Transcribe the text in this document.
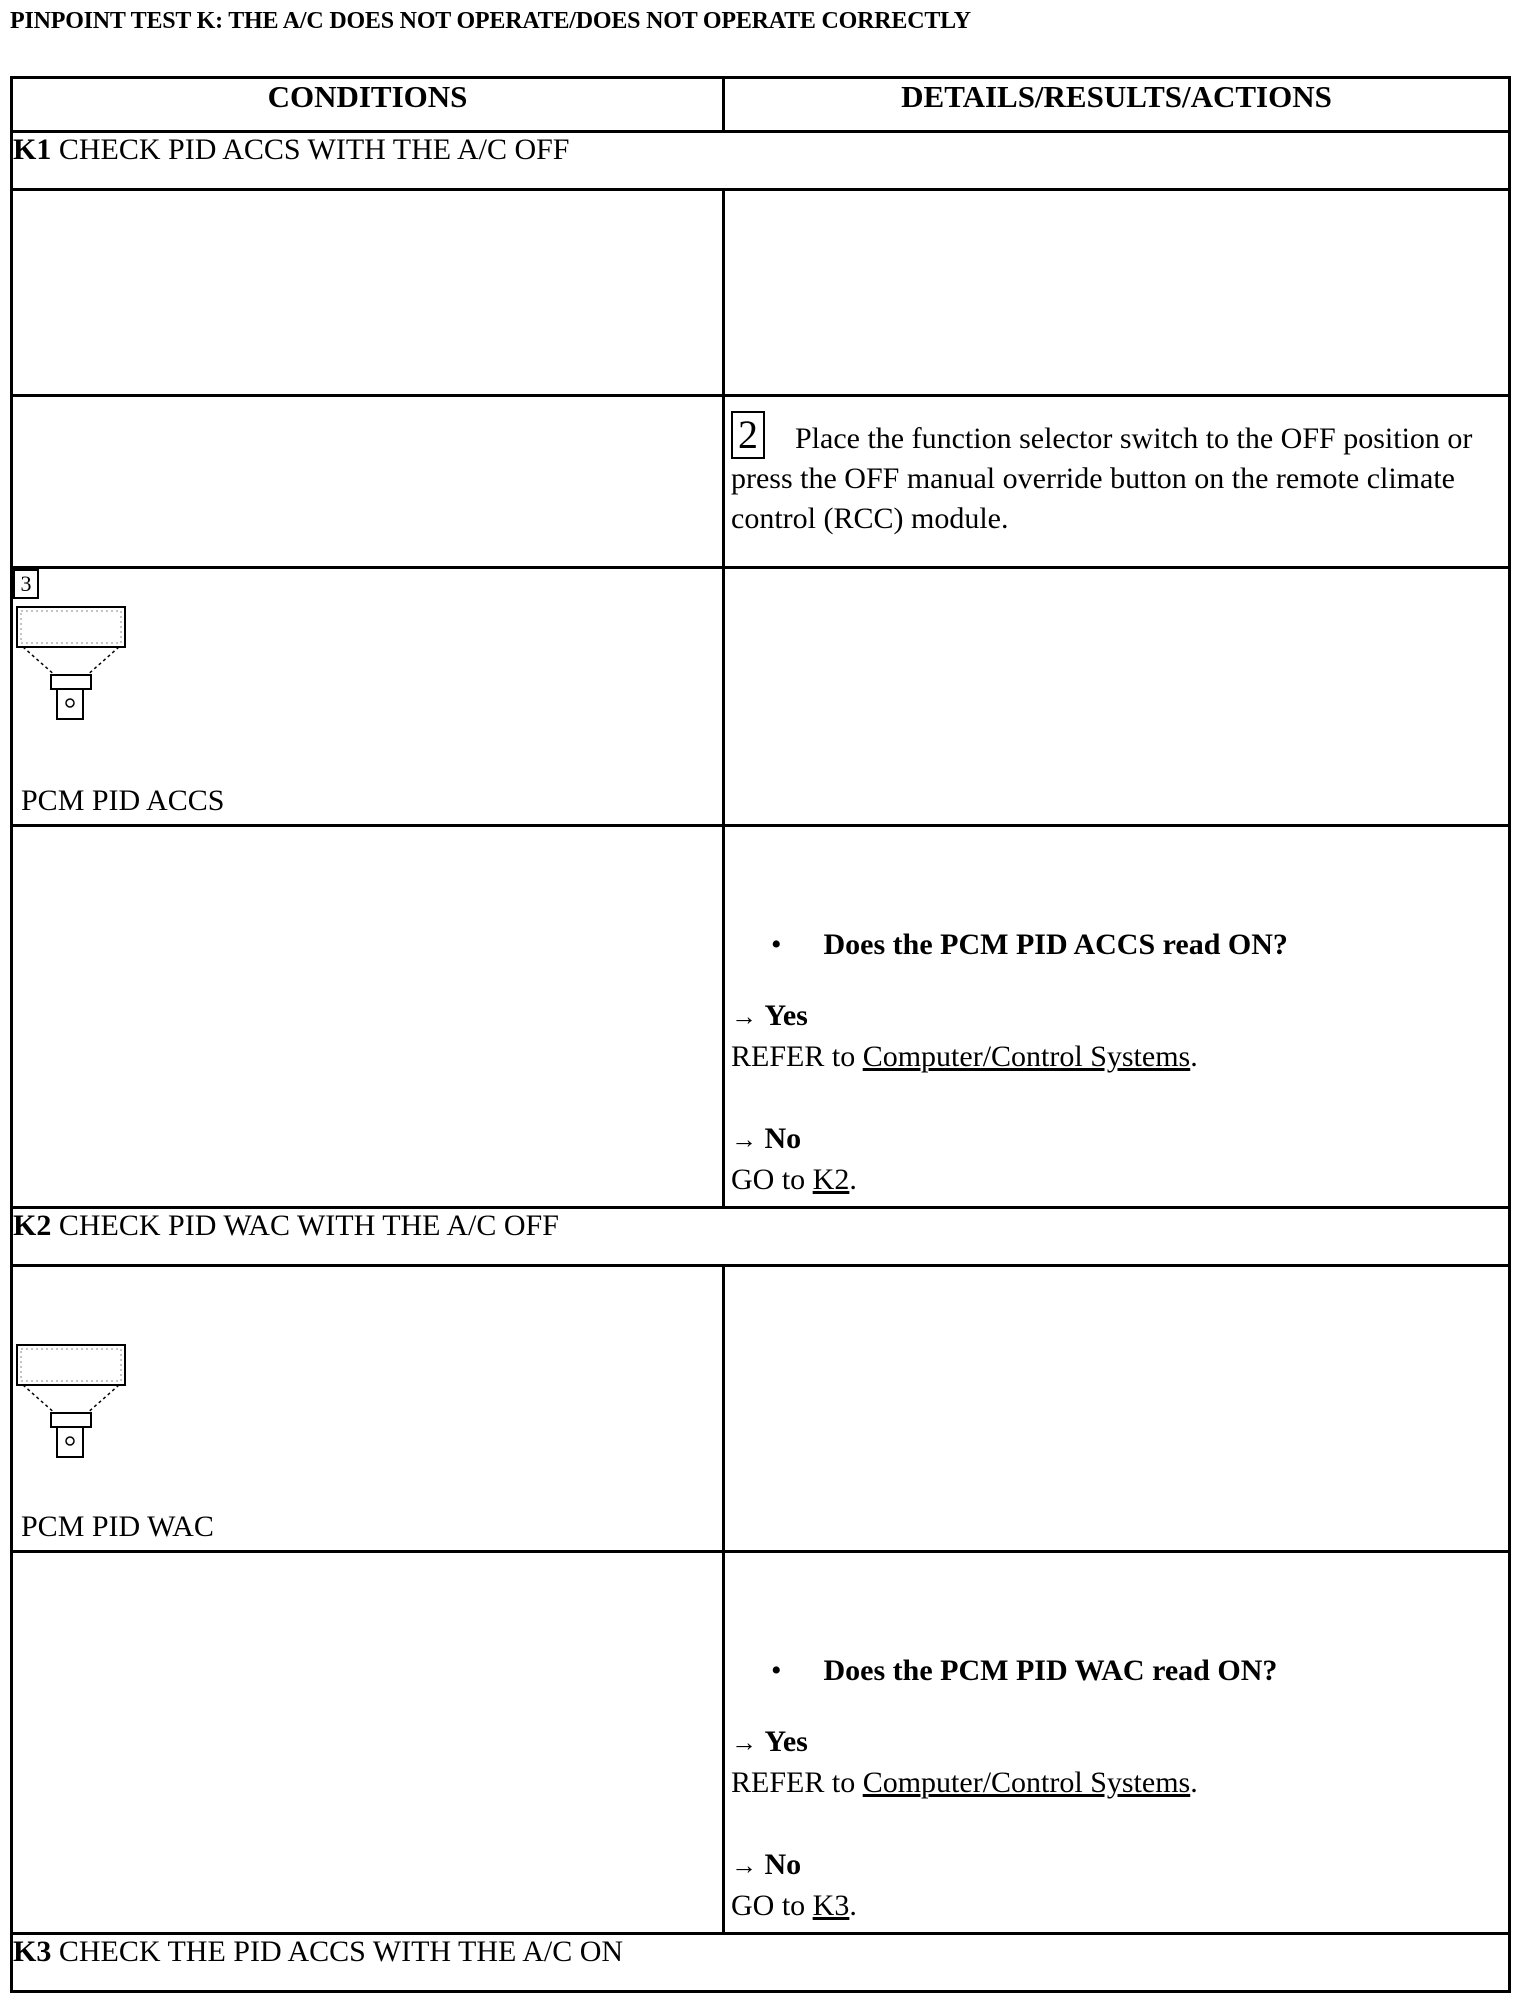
PINPOINT TEST K: THE A/C DOES NOT OPERATE/DOES NOT OPERATE CORRECTLY
CONDITIONS	DETAILS/RESULTS/ACTIONS
K1 CHECK PID ACCS WITH THE A/C OFF	

	2 Place the function selector switch to the OFF position or press the OFF manual override button on the remote climate control (RCC) module.

3
PCM PID ACCS	

	• Does the PCM PID ACCS read ON?
→ Yes
REFER to Computer/Control Systems.
→ No
GO to K2.

K2 CHECK PID WAC WITH THE A/C OFF	

PCM PID WAC	

	• Does the PCM PID WAC read ON?
→ Yes
REFER to Computer/Control Systems.
→ No
GO to K3.

K3 CHECK THE PID ACCS WITH THE A/C ON	
